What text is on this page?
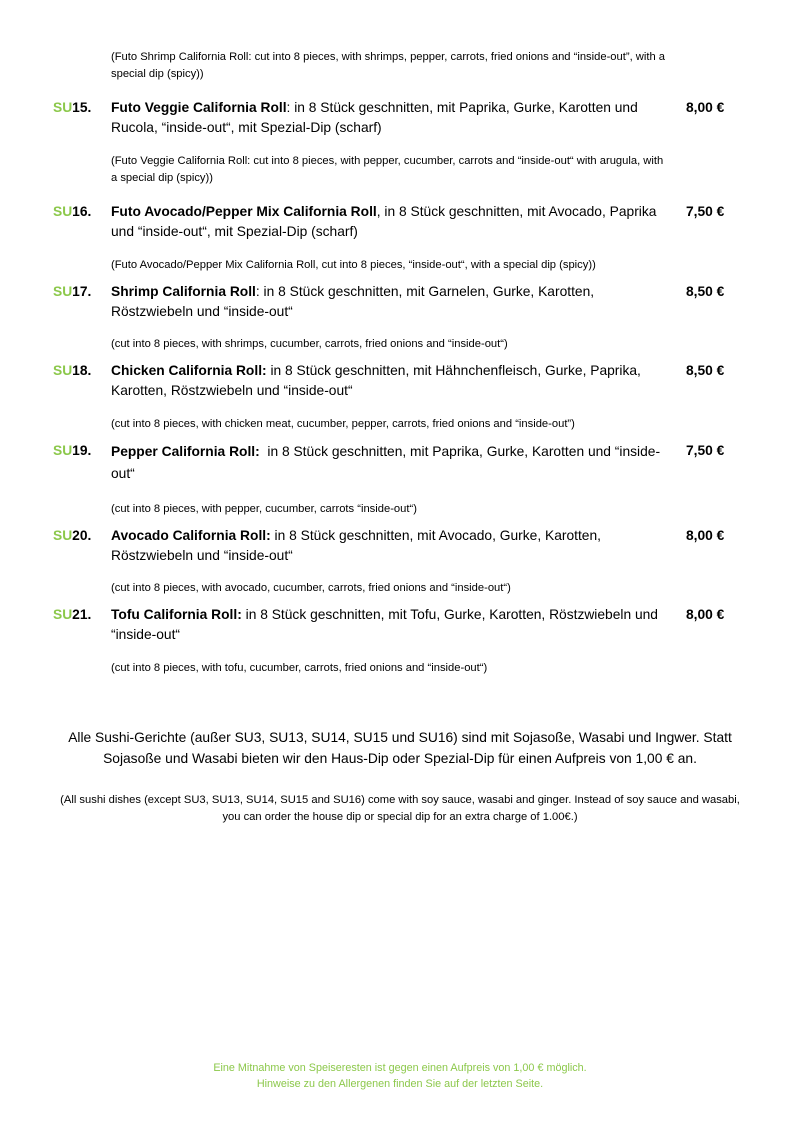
(Futo Shrimp California Roll: cut into 8 pieces, with shrimps, pepper, carrots, fried onions and “inside-out”, with a special dip (spicy))
SU15. Futo Veggie California Roll: in 8 Stück geschnitten, mit Paprika, Gurke, Karotten und Rucola, “inside-out“, mit Spezial-Dip (scharf)
8,00 €
(Futo Veggie California Roll: cut into 8 pieces, with pepper, cucumber, carrots and “inside-out“ with arugula, with a special dip (spicy))
SU16. Futo Avocado/Pepper Mix California Roll, in 8 Stück geschnitten, mit Avocado, Paprika und “inside-out“, mit Spezial-Dip (scharf)
7,50 €
(Futo Avocado/Pepper Mix California Roll, cut into 8 pieces, “inside-out“, with a special dip (spicy))
SU17. Shrimp California Roll: in 8 Stück geschnitten, mit Garnelen, Gurke, Karotten, Röstzwiebeln und “inside-out“
8,50 €
(cut into 8 pieces, with shrimps, cucumber, carrots, fried onions and “inside-out“)
SU18. Chicken California Roll: in 8 Stück geschnitten, mit Hähnchenfleisch, Gurke, Paprika, Karotten, Röstzwiebeln und “inside-out“
8,50 €
(cut into 8 pieces, with chicken meat, cucumber, pepper, carrots, fried onions and “inside-out”)
SU19. Pepper California Roll:  in 8 Stück geschnitten, mit Paprika, Gurke, Karotten und “inside-out“
7,50 €
(cut into 8 pieces, with pepper, cucumber, carrots “inside-out“)
SU20. Avocado California Roll: in 8 Stück geschnitten, mit Avocado, Gurke, Karotten, Röstzwiebeln und “inside-out“
8,00 €
(cut into 8 pieces, with avocado, cucumber, carrots, fried onions and “inside-out“)
SU21. Tofu California Roll: in 8 Stück geschnitten, mit Tofu, Gurke, Karotten, Röstzwiebeln und “inside-out“
8,00 €
(cut into 8 pieces, with tofu, cucumber, carrots, fried onions and “inside-out“)
Alle Sushi-Gerichte (außer SU3, SU13, SU14, SU15 und SU16) sind mit Sojasoße, Wasabi und Ingwer. Statt Sojasoße und Wasabi bieten wir den Haus-Dip oder Spezial-Dip für einen Aufpreis von 1,00 € an.
(All sushi dishes (except SU3, SU13, SU14, SU15 and SU16) come with soy sauce, wasabi and ginger. Instead of soy sauce and wasabi, you can order the house dip or special dip for an extra charge of 1.00€.)
Eine Mitnahme von Speiseresten ist gegen einen Aufpreis von 1,00 € möglich.
Hinweise zu den Allergenen finden Sie auf der letzten Seite.
